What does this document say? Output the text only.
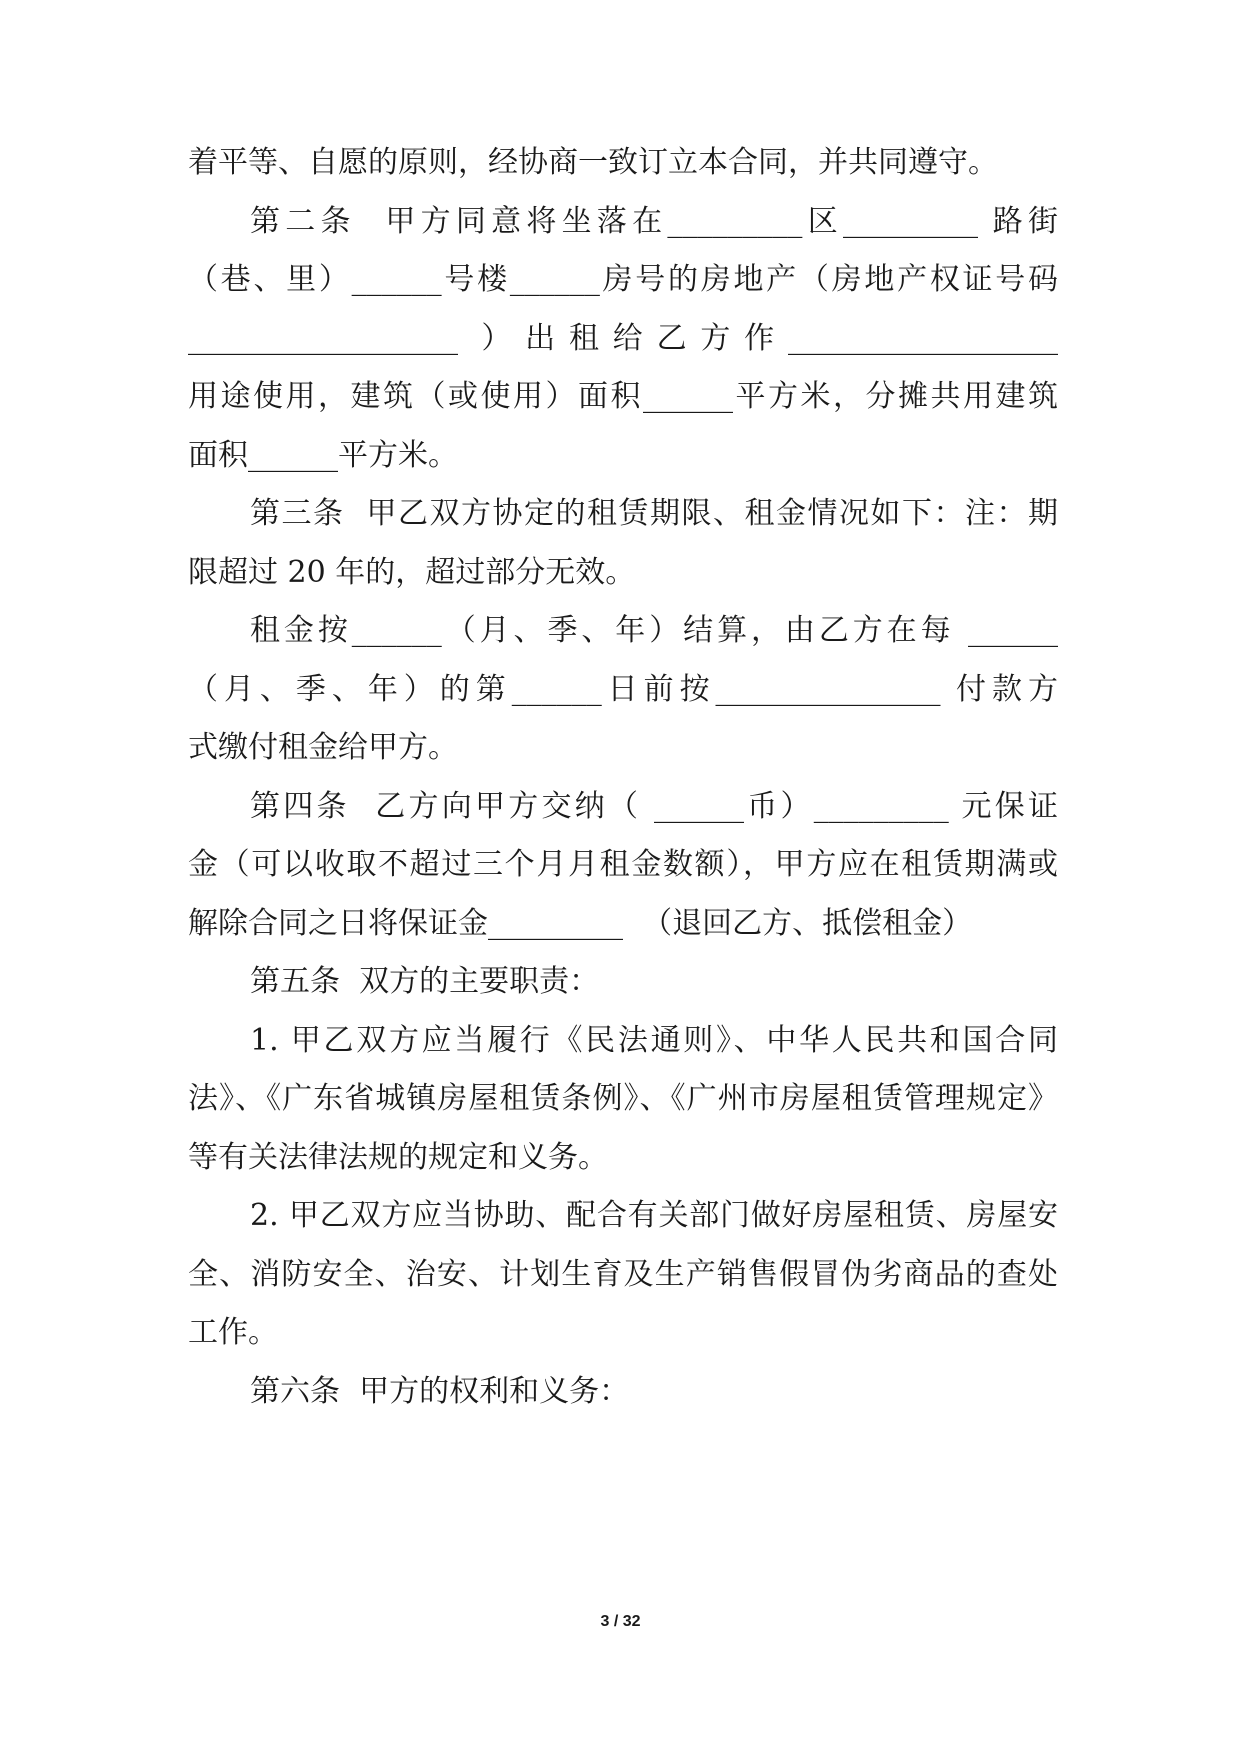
着平等、自愿的原则，经协商一致订立本合同，并共同遵守。
第二条  甲方同意将坐落在_________区_________ 路街
（巷、里）______号楼______房号的房地产（房地产权证号码
__________________ ）出租给乙方作__________________
用途使用，建筑（或使用）面积______平方米，分摊共用建筑
面积______平方米。
第三条  甲乙双方协定的租赁期限、租金情况如下：注：期
限超过 20 年的，超过部分无效。
租金按______（月、季、年）结算，由乙方在每 ______
（月、季、年）的第______日前按_______________ 付款方
式缴付租金给甲方。
第四条  乙方向甲方交纳（ ______币）_________ 元保证
金（可以收取不超过三个月月租金数额），甲方应在租赁期满或
解除合同之日将保证金_________  （退回乙方、抵偿租金）
第五条  双方的主要职责：
1. 甲乙双方应当履行《民法通则》、中华人民共和国合同
法》、《广东省城镇房屋租赁条例》、《广州市房屋租赁管理规定》
等有关法律法规的规定和义务。
2. 甲乙双方应当协助、配合有关部门做好房屋租赁、房屋安
全、消防安全、治安、计划生育及生产销售假冒伪劣商品的查处
工作。
第六条  甲方的权利和义务：
3 / 32
